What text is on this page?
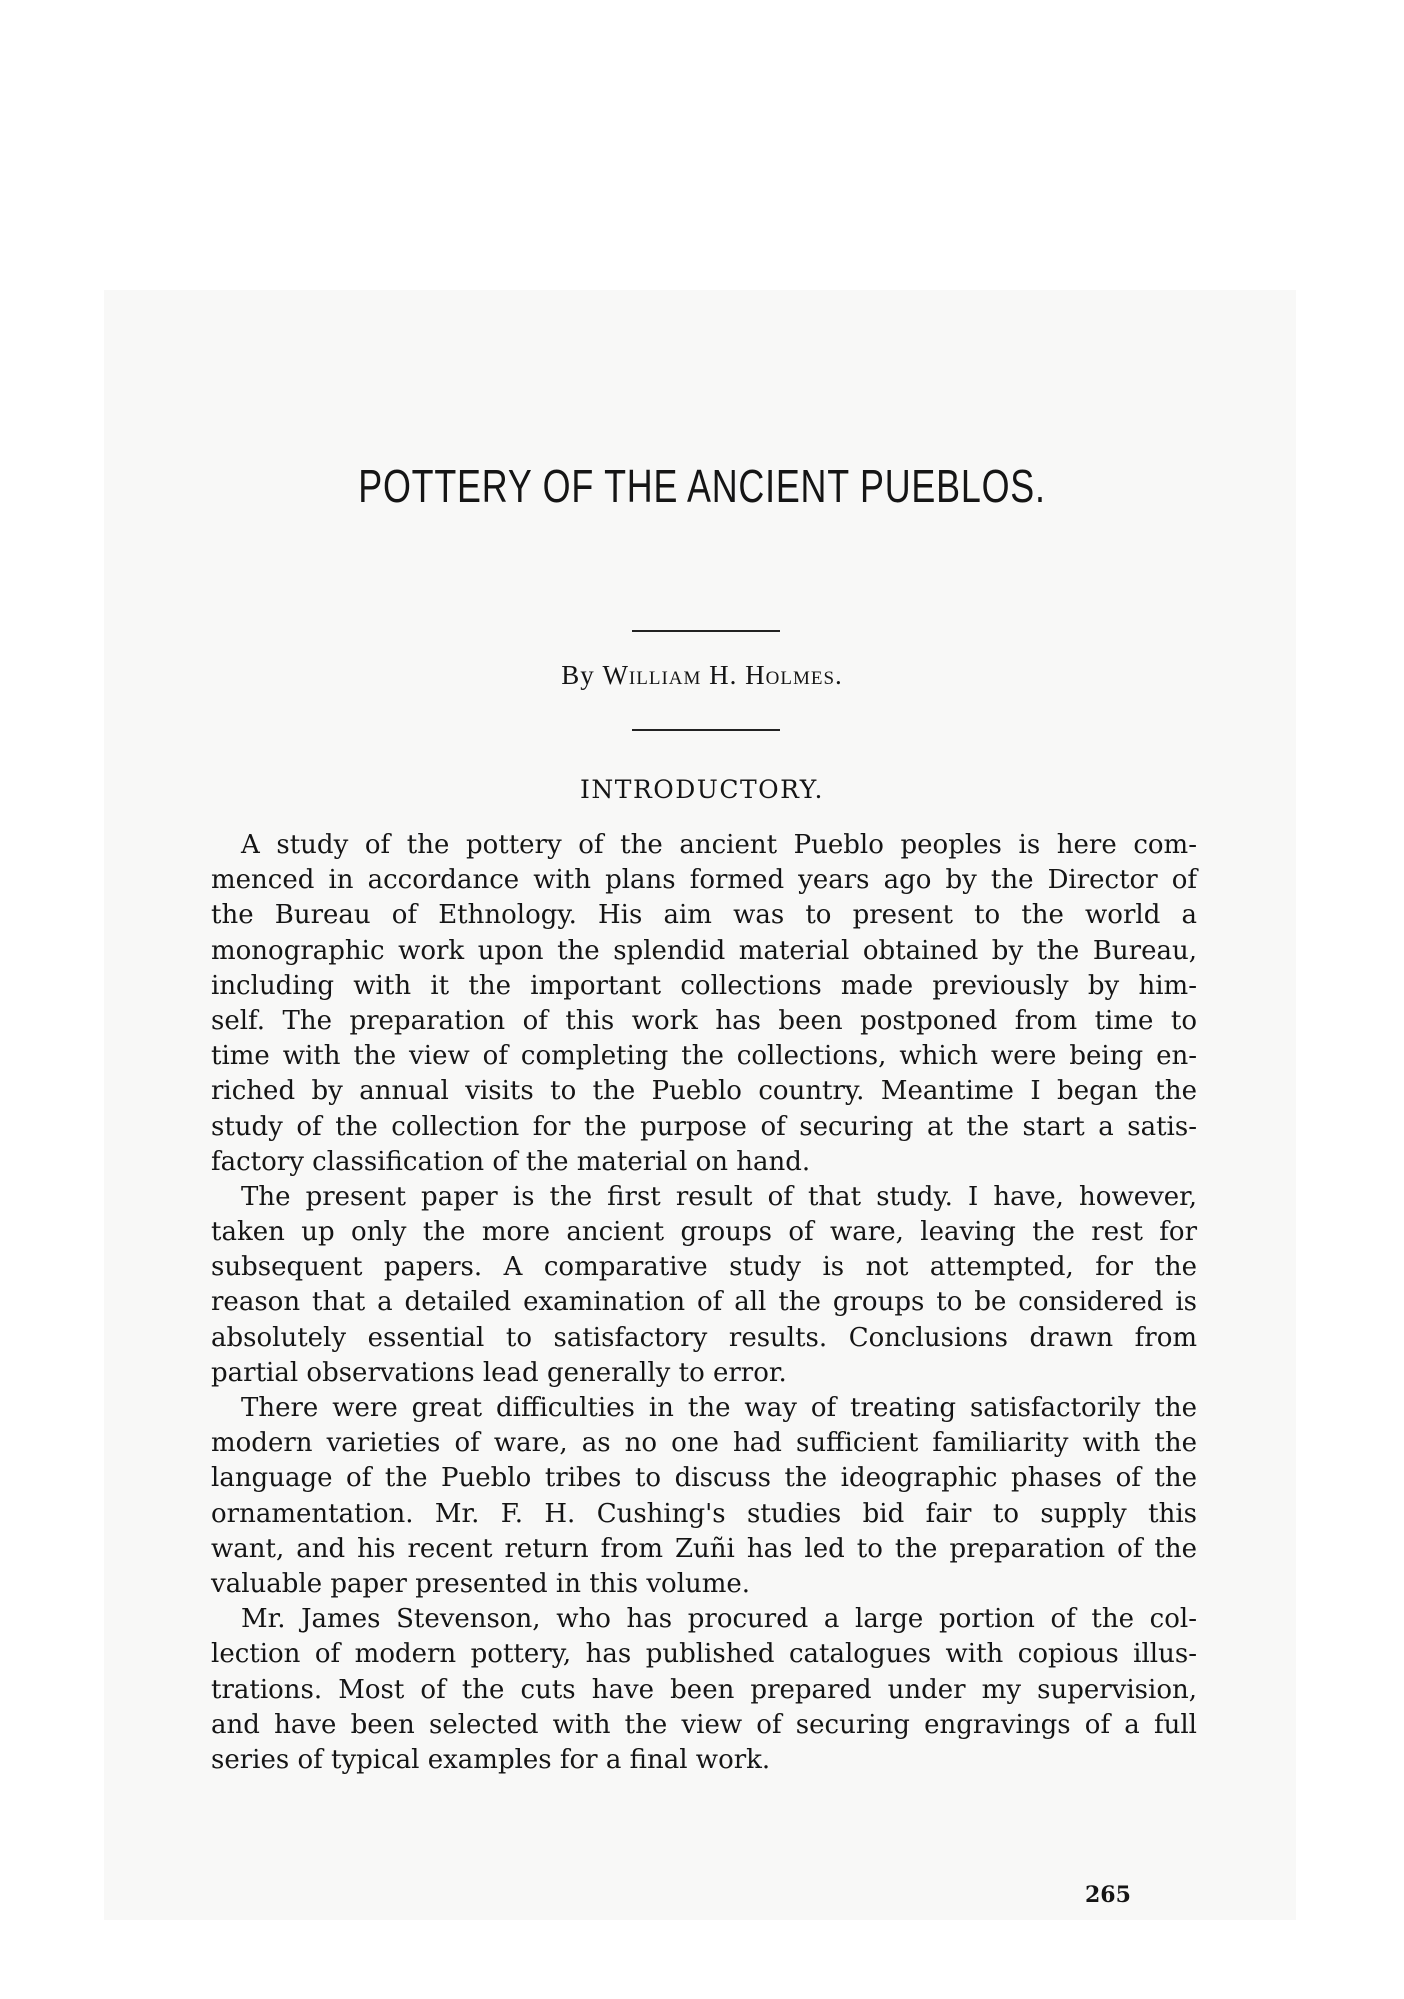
POTTERY OF THE ANCIENT PUEBLOS.
By William H. Holmes.
INTRODUCTORY.
A study of the pottery of the ancient Pueblo peoples is here com-
menced in accordance with plans formed years ago by the Director of
the Bureau of Ethnology. His aim was to present to the world a
monographic work upon the splendid material obtained by the Bureau,
including with it the important collections made previously by him-
self. The preparation of this work has been postponed from time to
time with the view of completing the collections, which were being en-
riched by annual visits to the Pueblo country. Meantime I began the
study of the collection for the purpose of securing at the start a satis-
factory classification of the material on hand.
The present paper is the first result of that study. I have, however,
taken up only the more ancient groups of ware, leaving the rest for
subsequent papers. A comparative study is not attempted, for the
reason that a detailed examination of all the groups to be considered is
absolutely essential to satisfactory results. Conclusions drawn from
partial observations lead generally to error.
There were great difficulties in the way of treating satisfactorily the
modern varieties of ware, as no one had sufficient familiarity with the
language of the Pueblo tribes to discuss the ideographic phases of the
ornamentation. Mr. F. H. Cushing's studies bid fair to supply this
want, and his recent return from Zuñi has led to the preparation of the
valuable paper presented in this volume.
Mr. James Stevenson, who has procured a large portion of the col-
lection of modern pottery, has published catalogues with copious illus-
trations. Most of the cuts have been prepared under my supervision,
and have been selected with the view of securing engravings of a full
series of typical examples for a final work.
265
